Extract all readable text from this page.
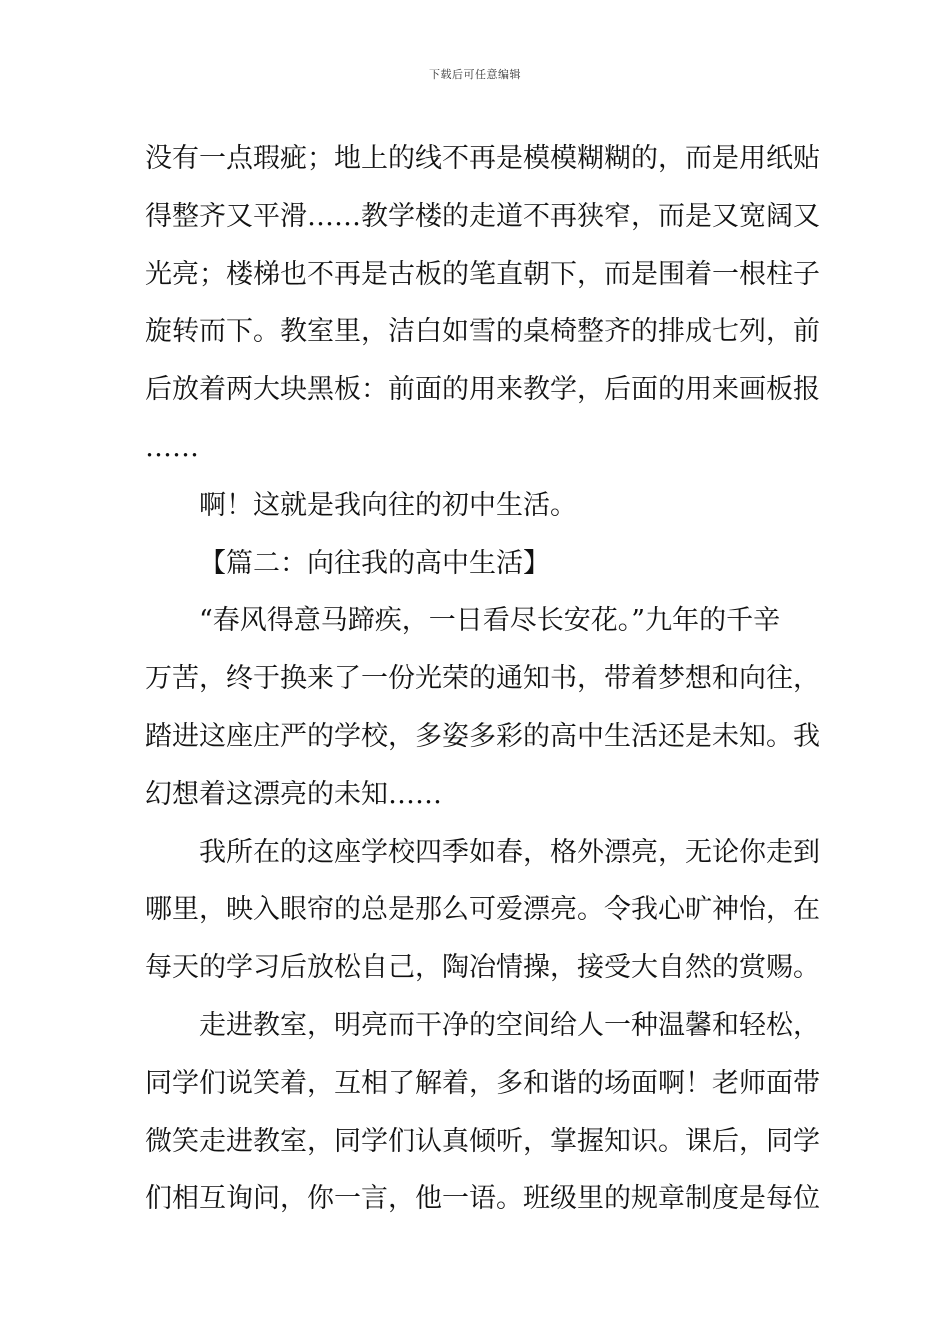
下载后可任意编辑

没有一点瑕疵；地上的线不再是模模糊糊的，而是用纸贴
得整齐又平滑……教学楼的走道不再狭窄，而是又宽阔又
光亮；楼梯也不再是古板的笔直朝下，而是围着一根柱子
旋转而下。教室里，洁白如雪的桌椅整齐的排成七列，前
后放着两大块黑板：前面的用来教学，后面的用来画板报
……

啊！这就是我向往的初中生活。

【篇二：向往我的高中生活】

“春风得意马蹄疾，一日看尽长安花。”九年的千辛
万苦，终于换来了一份光荣的通知书，带着梦想和向往，
踏进这座庄严的学校，多姿多彩的高中生活还是未知。我
幻想着这漂亮的未知……

我所在的这座学校四季如春，格外漂亮，无论你走到
哪里，映入眼帘的总是那么可爱漂亮。令我心旷神怡，在
每天的学习后放松自己，陶冶情操，接受大自然的赏赐。

走进教室，明亮而干净的空间给人一种温馨和轻松，
同学们说笑着，互相了解着，多和谐的场面啊！老师面带
微笑走进教室，同学们认真倾听，掌握知识。课后，同学
们相互询问，你一言，他一语。班级里的规章制度是每位
